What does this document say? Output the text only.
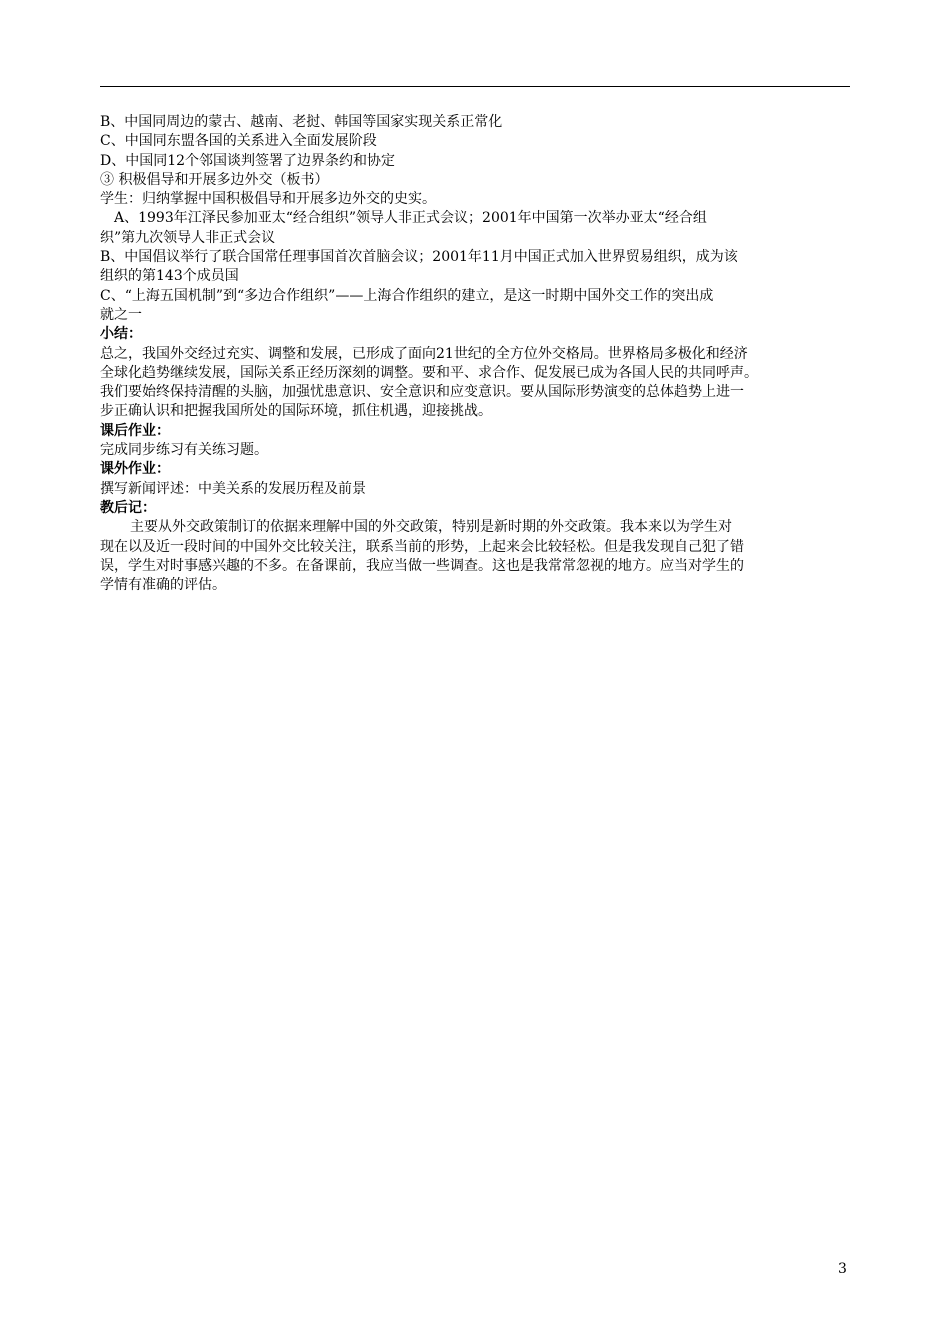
B、中国同周边的蒙古、越南、老挝、韩国等国家实现关系正常化

C、中国同东盟各国的关系进入全面发展阶段

D、中国同12个邻国谈判签署了边界条约和协定

③ 积极倡导和开展多边外交（板书）

学生：归纳掌握中国积极倡导和开展多边外交的史实。

A、1993年江泽民参加亚太“经合组织”领导人非正式会议；2001年中国第一次举办亚太“经合组

织”第九次领导人非正式会议

B、中国倡议举行了联合国常任理事国首次首脑会议；2001年11月中国正式加入世界贸易组织，成为该

组织的第143个成员国

C、“上海五国机制”到“多边合作组织”——上海合作组织的建立，是这一时期中国外交工作的突出成

就之一

小结：

总之，我国外交经过充实、调整和发展，已形成了面向21世纪的全方位外交格局。世界格局多极化和经济

全球化趋势继续发展，国际关系正经历深刻的调整。要和平、求合作、促发展已成为各国人民的共同呼声。

我们要始终保持清醒的头脑，加强忧患意识、安全意识和应变意识。要从国际形势演变的总体趋势上进一

步正确认识和把握我国所处的国际环境，抓住机遇，迎接挑战。

课后作业：

完成同步练习有关练习题。

课外作业：

撰写新闻评述：中美关系的发展历程及前景

教后记：

主要从外交政策制订的依据来理解中国的外交政策，特别是新时期的外交政策。我本来以为学生对

现在以及近一段时间的中国外交比较关注，联系当前的形势，上起来会比较轻松。但是我发现自己犯了错

误，学生对时事感兴趣的不多。在备课前，我应当做一些调查。这也是我常常忽视的地方。应当对学生的

学情有准确的评估。

3
